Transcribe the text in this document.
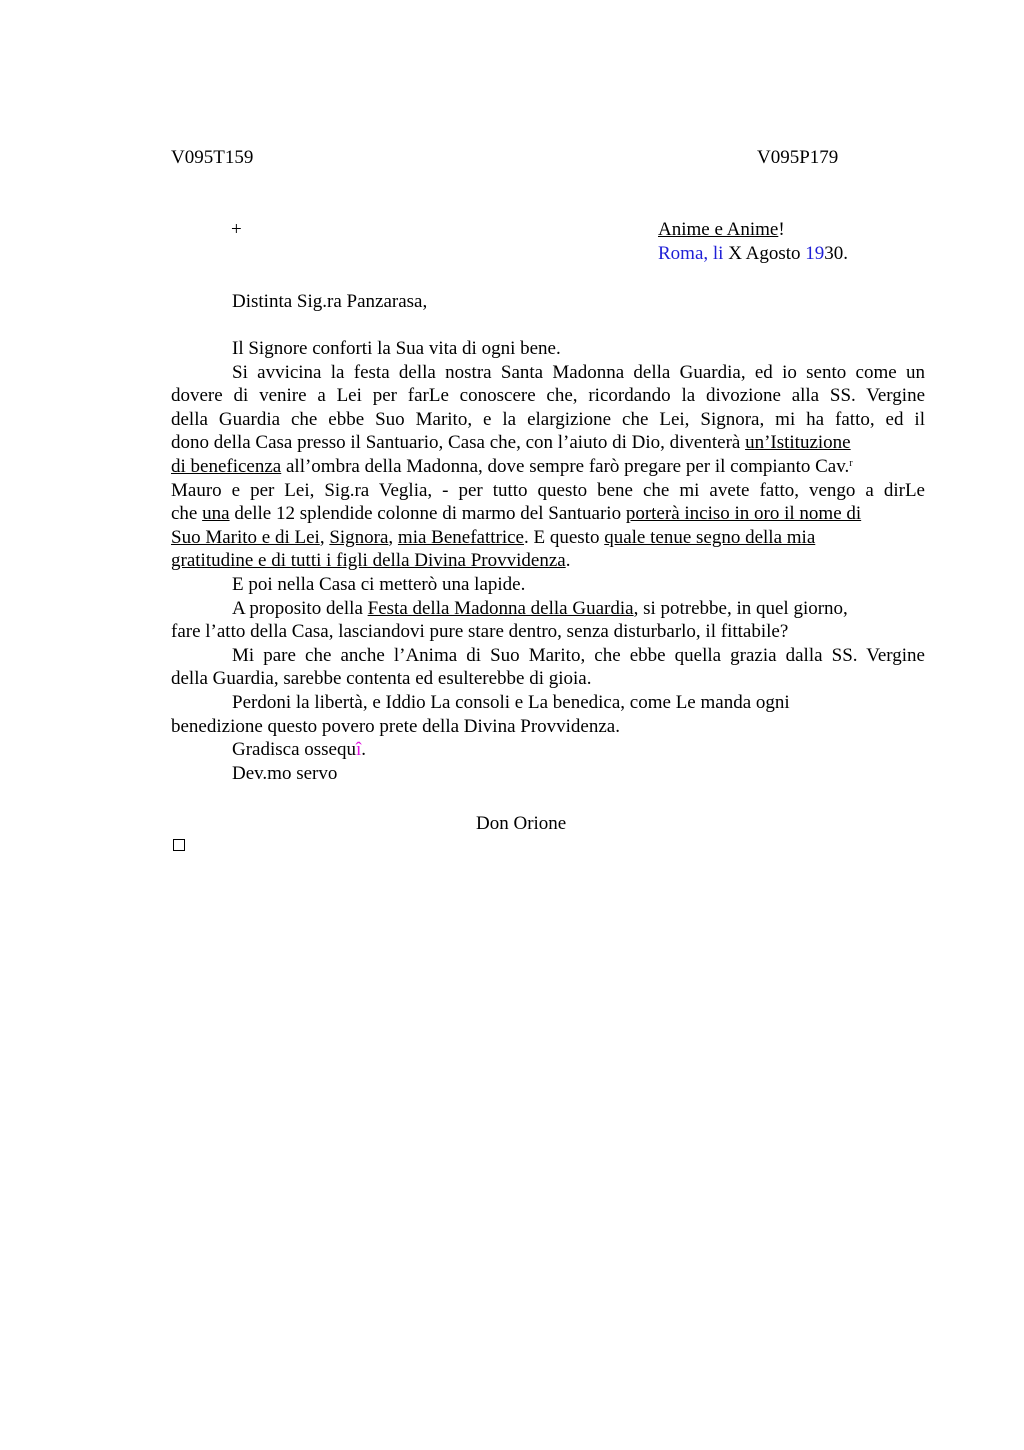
V095T159	V095P179
+	Anime e Anime!
Roma, li X Agosto 1930.
Distinta Sig.ra Panzarasa,
Il Signore conforti la Sua vita di ogni bene.
Si avvicina la festa della nostra Santa Madonna della Guardia, ed io sento come un
dovere di venire a Lei per farLe conoscere che, ricordando la divozione alla SS. Vergine
della Guardia che ebbe Suo Marito, e la elargizione che Lei, Signora, mi ha fatto, ed il
dono della Casa presso il Santuario, Casa che, con l’aiuto di Dio, diventerà un’Istituzione
di beneficenza all’ombra della Madonna, dove sempre farò pregare per il compianto Cav.$^r$
Mauro e per Lei, Sig.ra Veglia, - per tutto questo bene che mi avete fatto, vengo a dirLe
che una delle 12 splendide colonne di marmo del Santuario porterà inciso in oro il nome di
Suo Marito e di Lei, Signora, mia Benefattrice. E questo quale tenue segno della mia
gratitudine e di tutti i figli della Divina Provvidenza.
E poi nella Casa ci metterò una lapide.
A proposito della Festa della Madonna della Guardia, si potrebbe, in quel giorno,
fare l’atto della Casa, lasciandovi pure stare dentro, senza disturbarlo, il fittabile?
Mi pare che anche l’Anima di Suo Marito, che ebbe quella grazia dalla SS. Vergine
della Guardia, sarebbe contenta ed esulterebbe di gioia.
Perdoni la libertà, e Iddio La consoli e La benedica, come Le manda ogni
benedizione questo povero prete della Divina Provvidenza.
Gradisca ossequî.
Dev.mo servo
Don Orione
